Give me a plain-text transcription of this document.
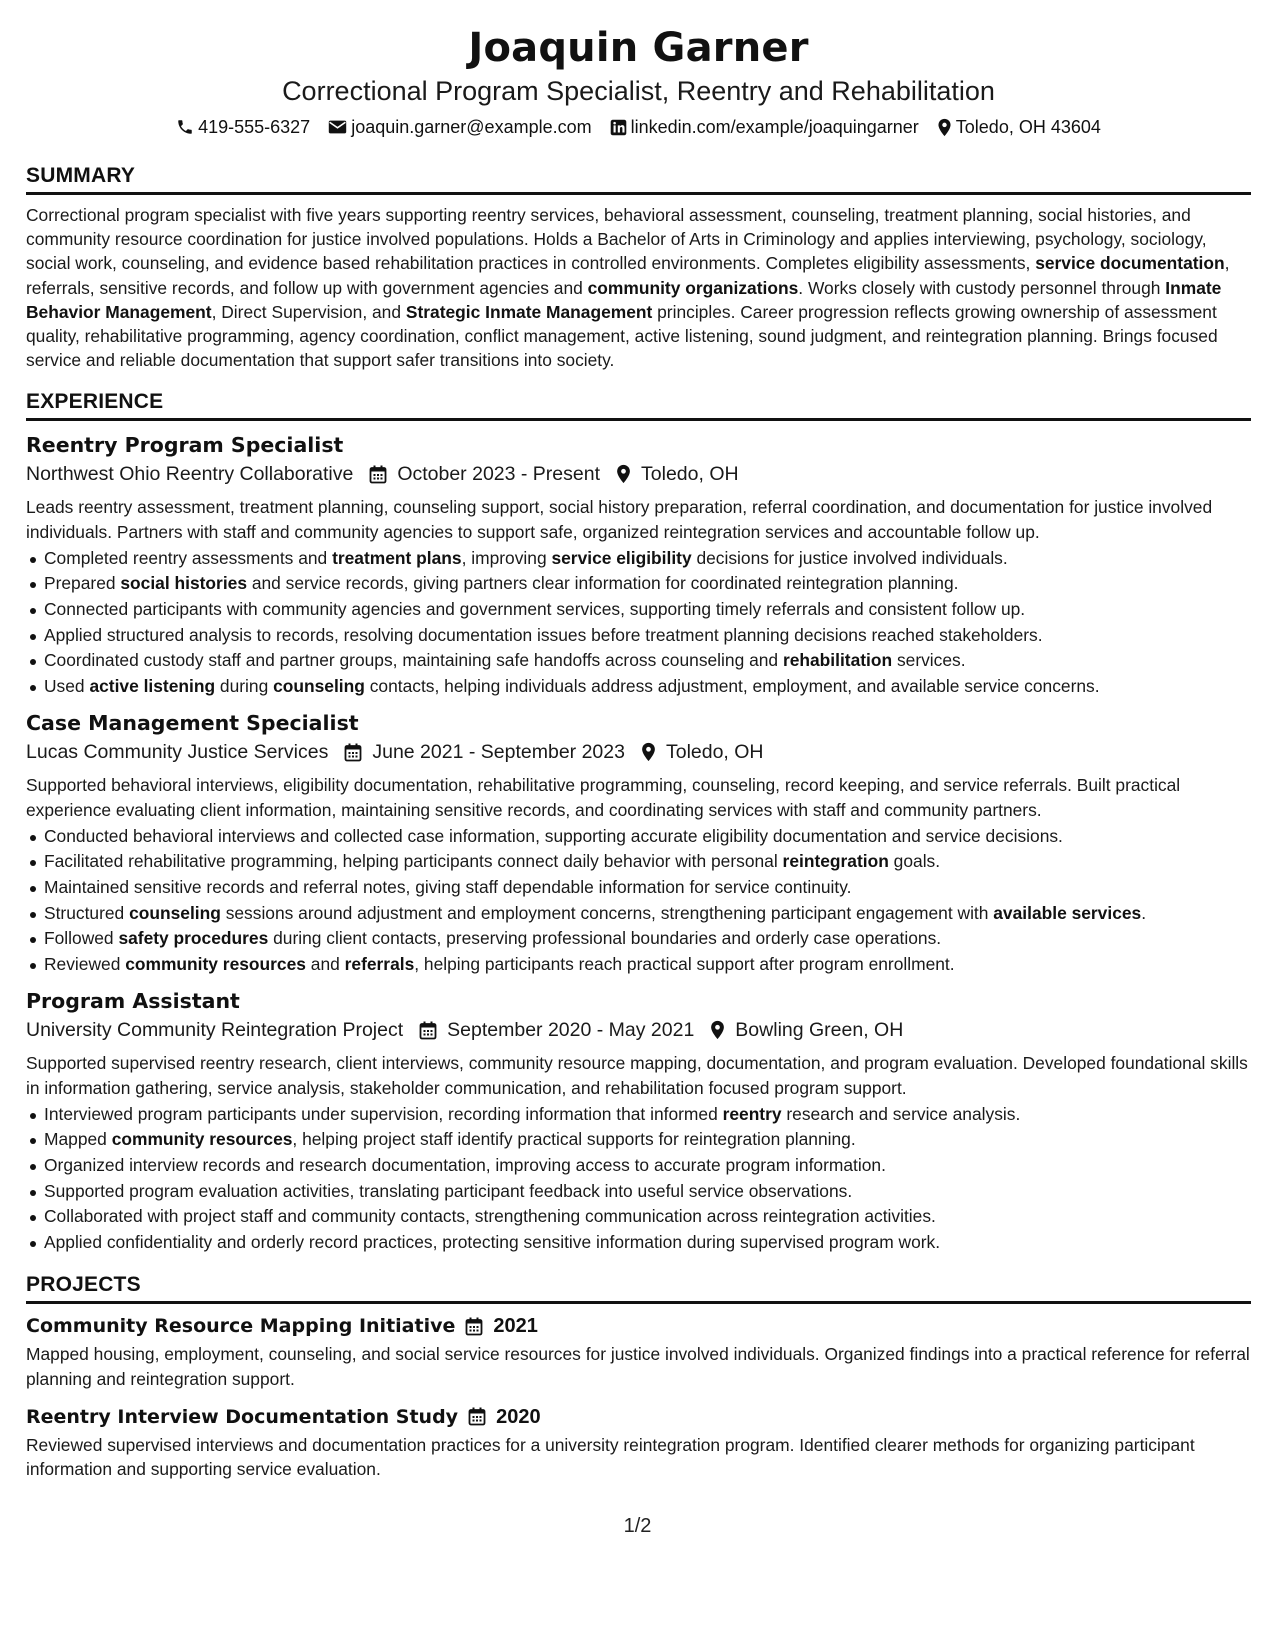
Joaquin Garner
Correctional Program Specialist, Reentry and Rehabilitation
419-555-6327 joaquin.garner@example.com linkedin.com/example/joaquingarner Toledo, OH 43604
SUMMARY

Correctional program specialist with five years supporting reentry services, behavioral assessment, counseling, treatment planning, social histories, and community resource coordination for justice involved populations. Holds a Bachelor of Arts in Criminology and applies interviewing, psychology, sociology, social work, counseling, and evidence based rehabilitation practices in controlled environments. Completes eligibility assessments, service documentation, referrals, sensitive records, and follow up with government agencies and community organizations. Works closely with custody personnel through Inmate Behavior Management, Direct Supervision, and Strategic Inmate Management principles. Career progression reflects growing ownership of assessment quality, rehabilitative programming, agency coordination, conflict management, active listening, sound judgment, and reintegration planning. Brings focused service and reliable documentation that support safer transitions into society.

EXPERIENCE
Reentry Program Specialist
Northwest Ohio Reentry Collaborative October 2023 - Present Toledo, OH

Leads reentry assessment, treatment planning, counseling support, social history preparation, referral coordination, and documentation for justice involved individuals. Partners with staff and community agencies to support safe, organized reintegration services and accountable follow up.

Completed reentry assessments and treatment plans, improving service eligibility decisions for justice involved individuals.
Prepared social histories and service records, giving partners clear information for coordinated reintegration planning.
Connected participants with community agencies and government services, supporting timely referrals and consistent follow up.
Applied structured analysis to records, resolving documentation issues before treatment planning decisions reached stakeholders.
Coordinated custody staff and partner groups, maintaining safe handoffs across counseling and rehabilitation services.
Used active listening during counseling contacts, helping individuals address adjustment, employment, and available service concerns.
Case Management Specialist
Lucas Community Justice Services June 2021 - September 2023 Toledo, OH

Supported behavioral interviews, eligibility documentation, rehabilitative programming, counseling, record keeping, and service referrals. Built practical experience evaluating client information, maintaining sensitive records, and coordinating services with staff and community partners.

Conducted behavioral interviews and collected case information, supporting accurate eligibility documentation and service decisions.
Facilitated rehabilitative programming, helping participants connect daily behavior with personal reintegration goals.
Maintained sensitive records and referral notes, giving staff dependable information for service continuity.
Structured counseling sessions around adjustment and employment concerns, strengthening participant engagement with available services.
Followed safety procedures during client contacts, preserving professional boundaries and orderly case operations.
Reviewed community resources and referrals, helping participants reach practical support after program enrollment.
Program Assistant
University Community Reintegration Project September 2020 - May 2021 Bowling Green, OH

Supported supervised reentry research, client interviews, community resource mapping, documentation, and program evaluation. Developed foundational skills in information gathering, service analysis, stakeholder communication, and rehabilitation focused program support.

Interviewed program participants under supervision, recording information that informed reentry research and service analysis.
Mapped community resources, helping project staff identify practical supports for reintegration planning.
Organized interview records and research documentation, improving access to accurate program information.
Supported program evaluation activities, translating participant feedback into useful service observations.
Collaborated with project staff and community contacts, strengthening communication across reintegration activities.
Applied confidentiality and orderly record practices, protecting sensitive information during supervised program work.
PROJECTS
Community Resource Mapping Initiative 2021

Mapped housing, employment, counseling, and social service resources for justice involved individuals. Organized findings into a practical reference for referral planning and reintegration support.

Reentry Interview Documentation Study 2020

Reviewed supervised interviews and documentation practices for a university reintegration program. Identified clearer methods for organizing participant information and supporting service evaluation.

1/2
